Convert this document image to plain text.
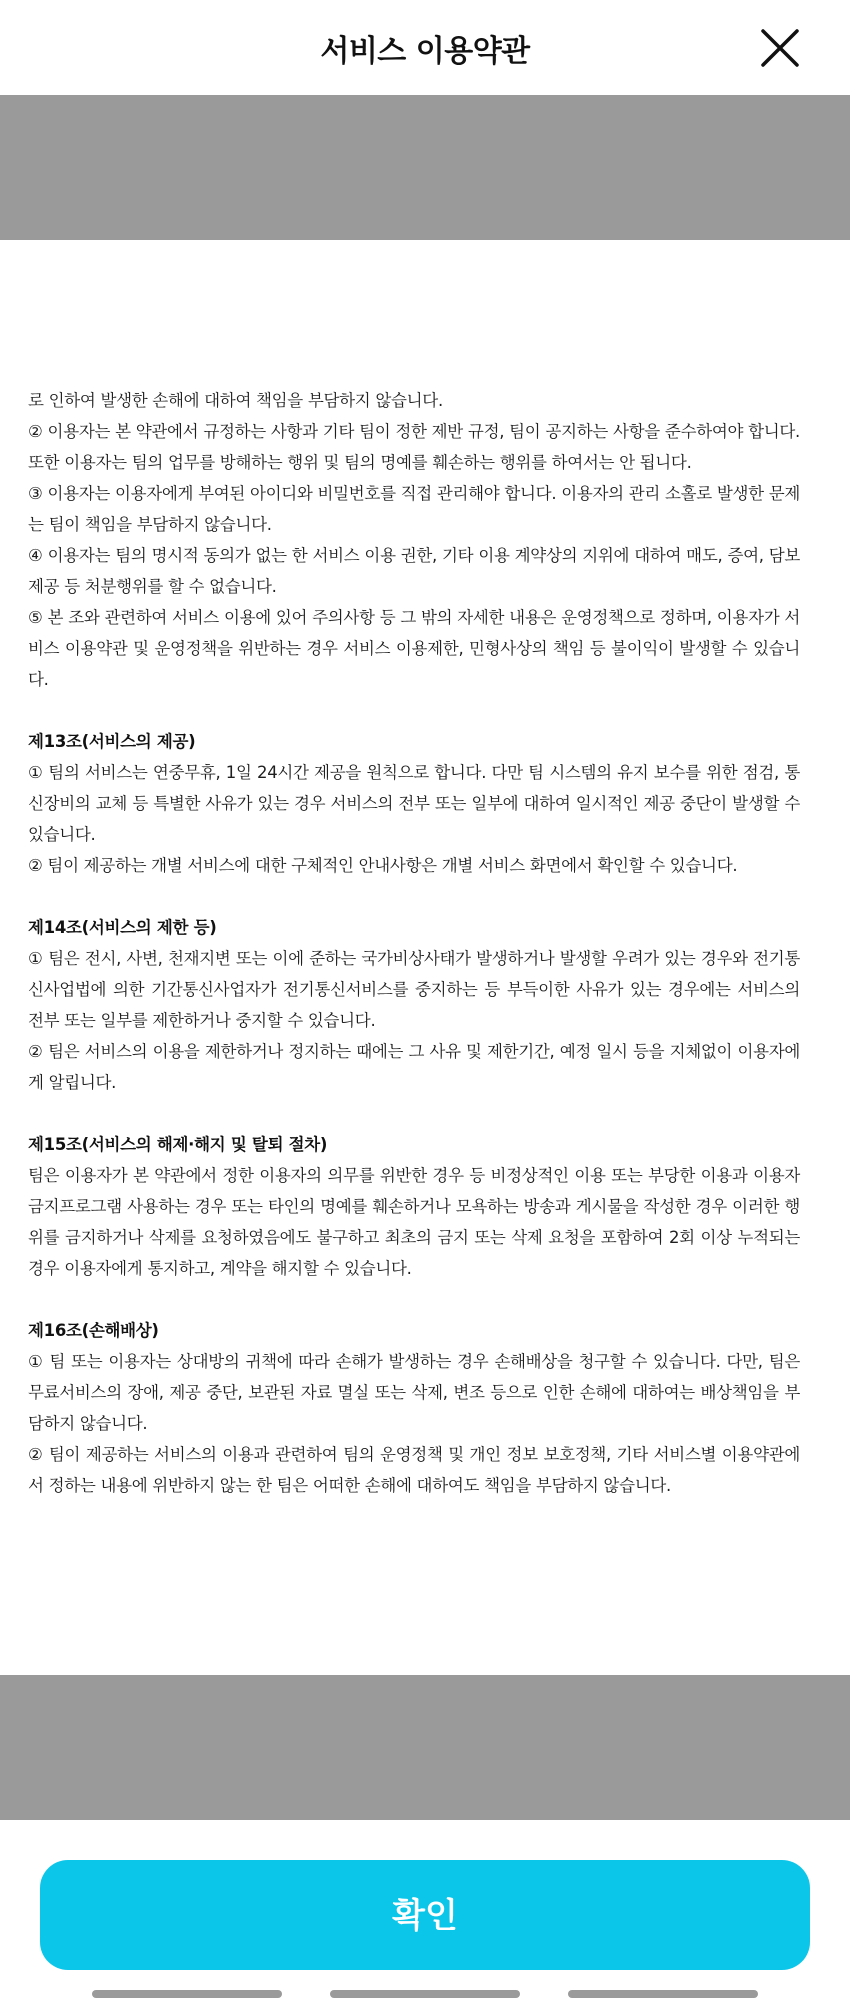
서비스 이용약관

로 인하여 발생한 손해에 대하여 책임을 부담하지 않습니다.

② 이용자는 본 약관에서 규정하는 사항과 기타 팀이 정한 제반 규정, 팀이 공지하는 사항을 준수하여야 합니다. 또한 이용자는 팀의 업무를 방해하는 행위 및 팀의 명예를 훼손하는 행위를 하여서는 안 됩니다.

③ 이용자는 이용자에게 부여된 아이디와 비밀번호를 직접 관리해야 합니다. 이용자의 관리 소홀로 발생한 문제는 팀이 책임을 부담하지 않습니다.

④ 이용자는 팀의 명시적 동의가 없는 한 서비스 이용 권한, 기타 이용 계약상의 지위에 대하여 매도, 증여, 담보제공 등 처분행위를 할 수 없습니다.

⑤ 본 조와 관련하여 서비스 이용에 있어 주의사항 등 그 밖의 자세한 내용은 운영정책으로 정하며, 이용자가 서비스 이용약관 및 운영정책을 위반하는 경우 서비스 이용제한, 민형사상의 책임 등 불이익이 발생할 수 있습니다.

제13조(서비스의 제공)

① 팀의 서비스는 연중무휴, 1일 24시간 제공을 원칙으로 합니다. 다만 팀 시스템의 유지 보수를 위한 점검, 통신장비의 교체 등 특별한 사유가 있는 경우 서비스의 전부 또는 일부에 대하여 일시적인 제공 중단이 발생할 수 있습니다.

② 팀이 제공하는 개별 서비스에 대한 구체적인 안내사항은 개별 서비스 화면에서 확인할 수 있습니다.

제14조(서비스의 제한 등)

① 팀은 전시, 사변, 천재지변 또는 이에 준하는 국가비상사태가 발생하거나 발생할 우려가 있는 경우와 전기통신사업법에 의한 기간통신사업자가 전기통신서비스를 중지하는 등 부득이한 사유가 있는 경우에는 서비스의 전부 또는 일부를 제한하거나 중지할 수 있습니다.

② 팀은 서비스의 이용을 제한하거나 정지하는 때에는 그 사유 및 제한기간, 예정 일시 등을 지체없이 이용자에게 알립니다.

제15조(서비스의 해제·해지 및 탈퇴 절차)

팀은 이용자가 본 약관에서 정한 이용자의 의무를 위반한 경우 등 비정상적인 이용 또는 부당한 이용과 이용자 금지프로그램 사용하는 경우 또는 타인의 명예를 훼손하거나 모욕하는 방송과 게시물을 작성한 경우 이러한 행위를 금지하거나 삭제를 요청하였음에도 불구하고 최초의 금지 또는 삭제 요청을 포함하여 2회 이상 누적되는 경우 이용자에게 통지하고, 계약을 해지할 수 있습니다.

제16조(손해배상)

① 팀 또는 이용자는 상대방의 귀책에 따라 손해가 발생하는 경우 손해배상을 청구할 수 있습니다. 다만, 팀은 무료서비스의 장애, 제공 중단, 보관된 자료 멸실 또는 삭제, 변조 등으로 인한 손해에 대하여는 배상책임을 부담하지 않습니다.

② 팀이 제공하는 서비스의 이용과 관련하여 팀의 운영정책 및 개인 정보 보호정책, 기타 서비스별 이용약관에서 정하는 내용에 위반하지 않는 한 팀은 어떠한 손해에 대하여도 책임을 부담하지 않습니다.

확인
